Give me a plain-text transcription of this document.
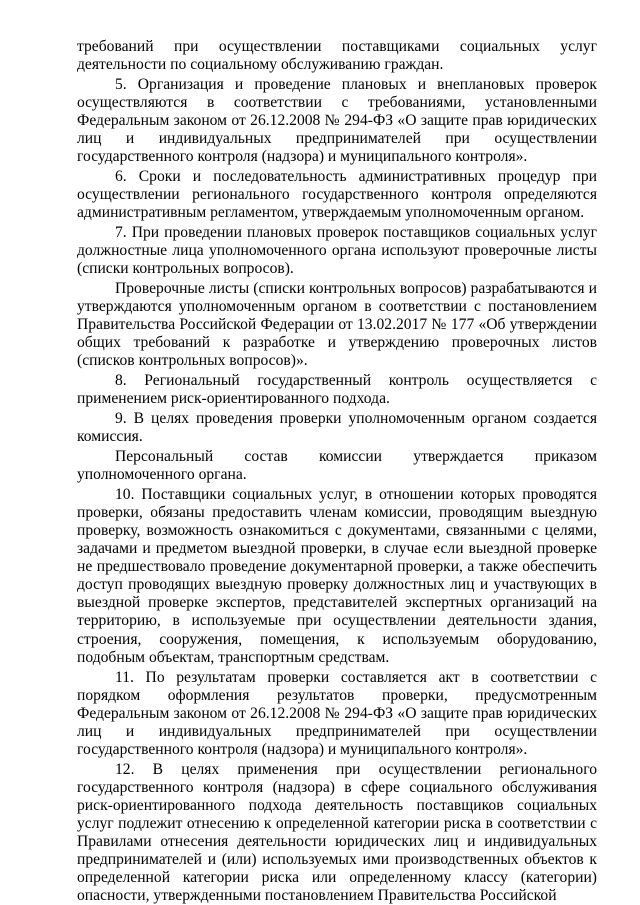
требований при осуществлении поставщиками социальных услуг деятельности по социальному обслуживанию граждан.

5. Организация и проведение плановых и внеплановых проверок осуществляются в соответствии с требованиями, установленными Федеральным законом от 26.12.2008 № 294-ФЗ «О защите прав юридических лиц и индивидуальных предпринимателей при осуществлении государственного контроля (надзора) и муниципального контроля».

6. Сроки и последовательность административных процедур при осуществлении регионального государственного контроля определяются административным регламентом, утверждаемым уполномоченным органом.

7. При проведении плановых проверок поставщиков социальных услуг должностные лица уполномоченного органа используют проверочные листы (списки контрольных вопросов).

Проверочные листы (списки контрольных вопросов) разрабатываются и утверждаются уполномоченным органом в соответствии с постановлением Правительства Российской Федерации от 13.02.2017 № 177 «Об утверждении общих требований к разработке и утверждению проверочных листов (списков контрольных вопросов)».

8. Региональный государственный контроль осуществляется с применением риск-ориентированного подхода.

9. В целях проведения проверки уполномоченным органом создается комиссия.

Персональный состав комиссии утверждается приказом уполномоченного органа.

10. Поставщики социальных услуг, в отношении которых проводятся проверки, обязаны предоставить членам комиссии, проводящим выездную проверку, возможность ознакомиться с документами, связанными с целями, задачами и предметом выездной проверки, в случае если выездной проверке не предшествовало проведение документарной проверки, а также обеспечить доступ проводящих выездную проверку должностных лиц и участвующих в выездной проверке экспертов, представителей экспертных организаций на территорию, в используемые при осуществлении деятельности здания, строения, сооружения, помещения, к используемым оборудованию, подобным объектам, транспортным средствам.

11. По результатам проверки составляется акт в соответствии с порядком оформления результатов проверки, предусмотренным Федеральным законом от 26.12.2008 № 294-ФЗ «О защите прав юридических лиц и индивидуальных предпринимателей при осуществлении государственного контроля (надзора) и муниципального контроля».

12. В целях применения при осуществлении регионального государственного контроля (надзора) в сфере социального обслуживания риск-ориентированного подхода деятельность поставщиков социальных услуг подлежит отнесению к определенной категории риска в соответствии с Правилами отнесения деятельности юридических лиц и индивидуальных предпринимателей и (или) используемых ими производственных объектов к определенной категории риска или определенному классу (категории) опасности, утвержденными постановлением Правительства Российской
